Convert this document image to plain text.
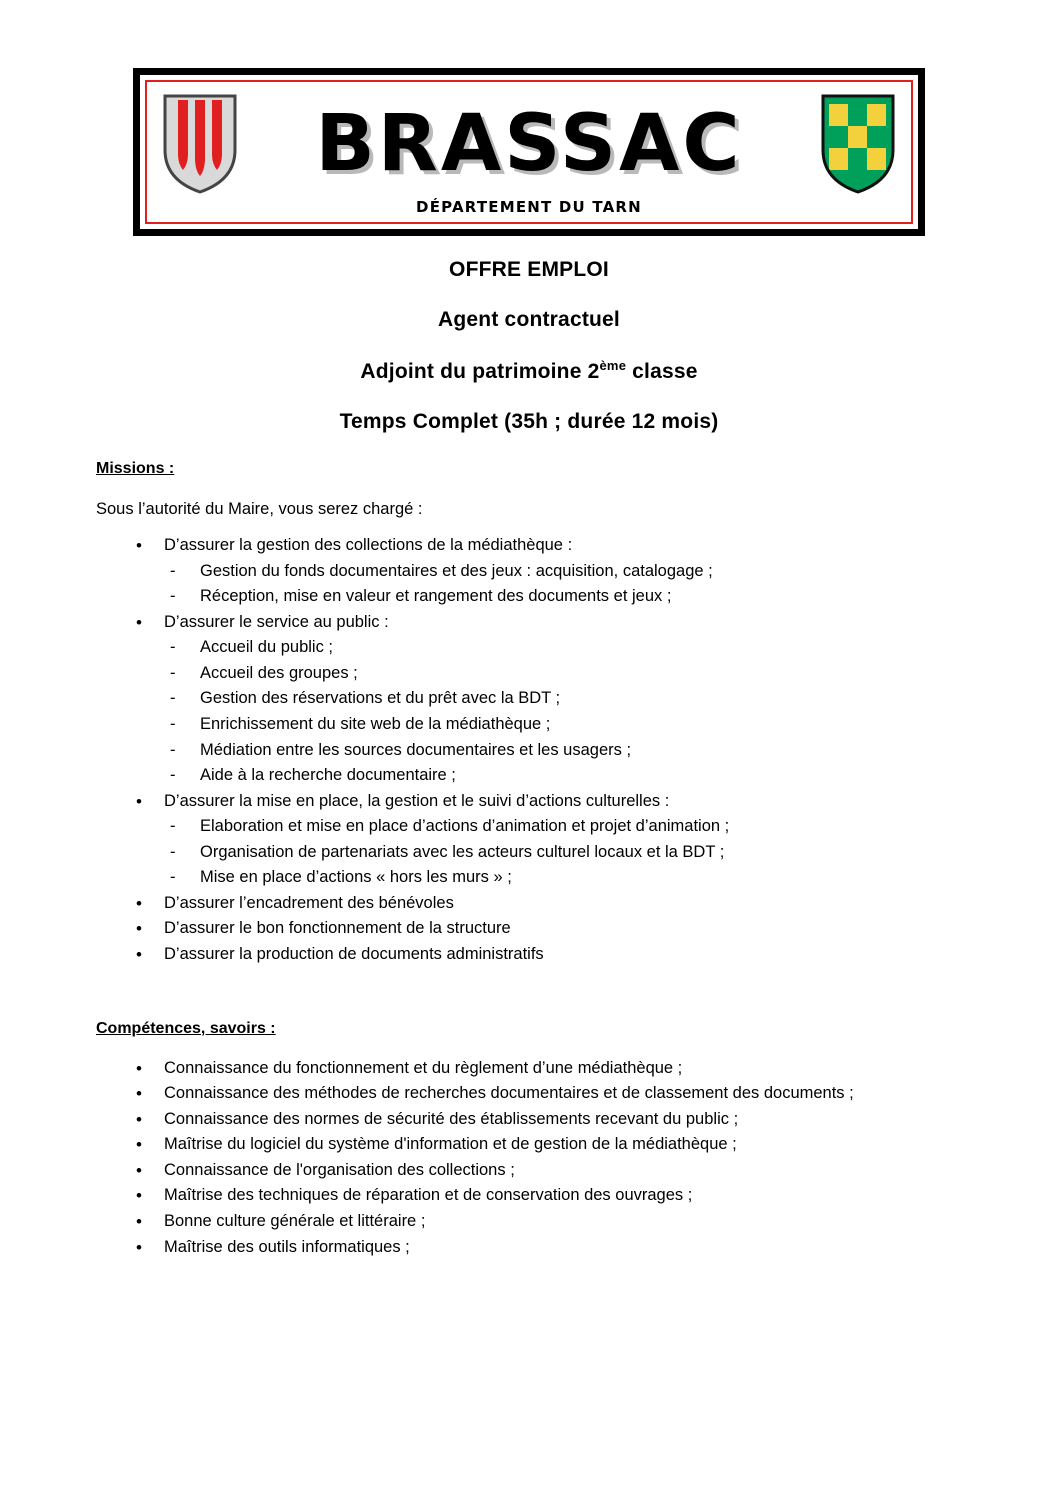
BRASSAC
DÉPARTEMENT DU TARN

OFFRE EMPLOI

Agent contractuel

Adjoint du patrimoine 2ème classe

Temps Complet (35h ; durée 12 mois)

Missions :

Sous l’autorité du Maire, vous serez chargé :

• D’assurer la gestion des collections de la médiathèque :
- Gestion du fonds documentaires et des jeux : acquisition, catalogage ;
- Réception, mise en valeur et rangement des documents et jeux ;
• D’assurer le service au public :
- Accueil du public ;
- Accueil des groupes ;
- Gestion des réservations et du prêt avec la BDT ;
- Enrichissement du site web de la médiathèque ;
- Médiation entre les sources documentaires et les usagers ;
- Aide à la recherche documentaire ;
• D’assurer la mise en place, la gestion et le suivi d’actions culturelles :
- Elaboration et mise en place d’actions d’animation et projet d’animation ;
- Organisation de partenariats avec les acteurs culturel locaux et la BDT ;
- Mise en place d’actions « hors les murs » ;
• D’assurer l’encadrement des bénévoles
• D’assurer le bon fonctionnement de la structure
• D’assurer la production de documents administratifs
Compétences, savoirs :
• Connaissance du fonctionnement et du règlement d’une médiathèque ;
• Connaissance des méthodes de recherches documentaires et de classement des documents ;
• Connaissance des normes de sécurité des établissements recevant du public ;
• Maîtrise du logiciel du système d'information et de gestion de la médiathèque ;
• Connaissance de l'organisation des collections ;
• Maîtrise des techniques de réparation et de conservation des ouvrages ;
• Bonne culture générale et littéraire ;
• Maîtrise des outils informatiques ;
